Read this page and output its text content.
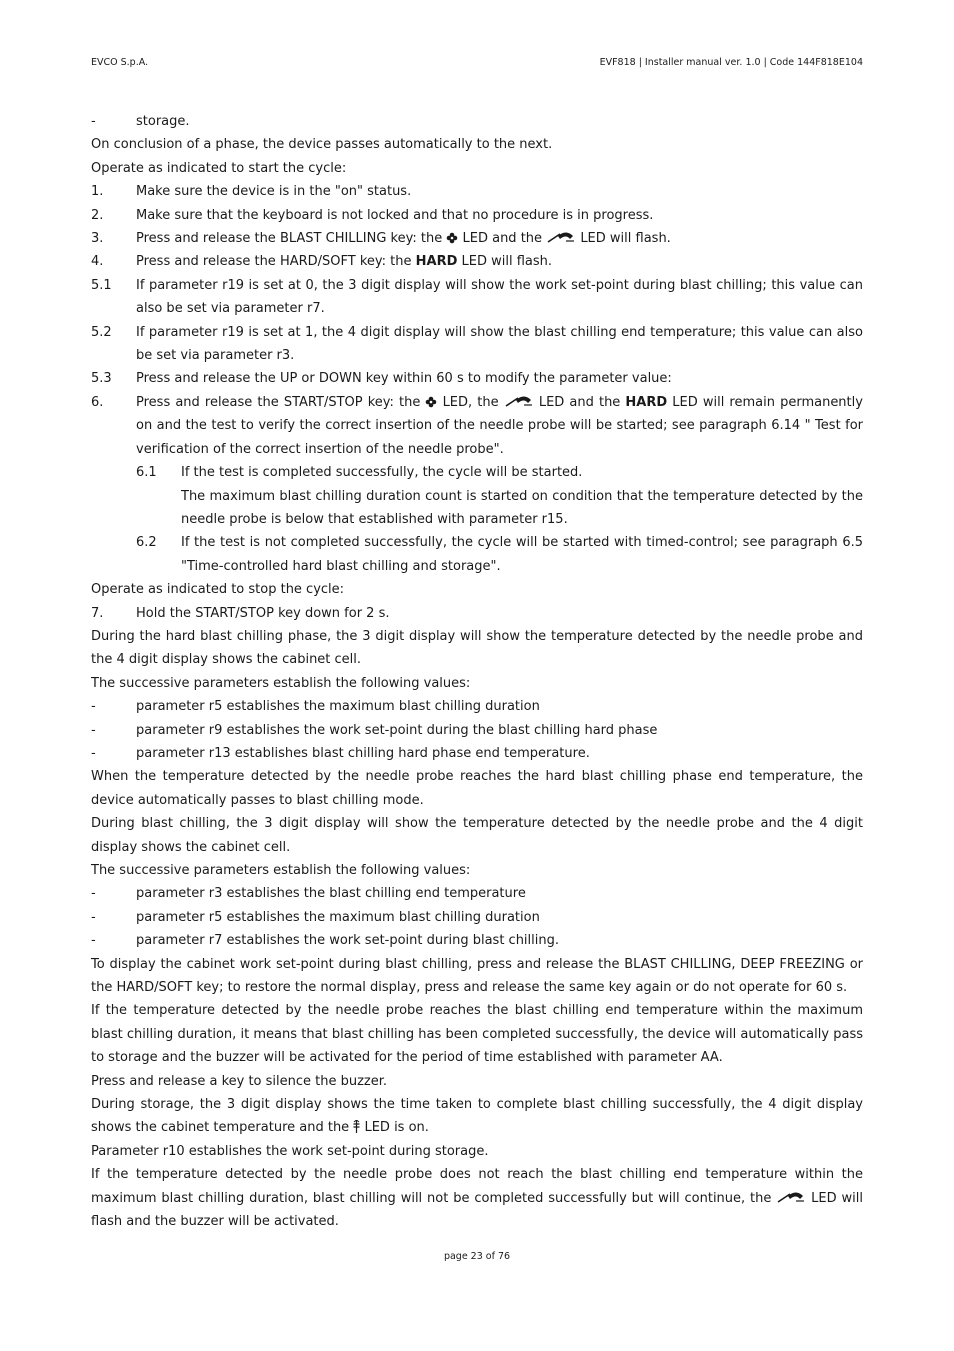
EVCO S.p.A.	EVF818 | Installer manual ver. 1.0 | Code 144F818E104
-	storage.

On conclusion of a phase, the device passes automatically to the next.

Operate as indicated to start the cycle:

1.	Make sure the device is in the "on" status.
2.	Make sure that the keyboard is not locked and that no procedure is in progress.
3.	Press and release the BLAST CHILLING key: the LED and the	LED will flash.
4.	Press and release the HARD/SOFT key: the HARD LED will flash.
5.1	If parameter r19 is set at 0, the 3 digit display will show the work set-point during blast chilling; this value can also be set via parameter r7.
5.2	If parameter r19 is set at 1, the 4 digit display will show the blast chilling end temperature; this value can also be set via parameter r3.
5.3	Press and release the UP or DOWN key within 60 s to modify the parameter value:
6.	Press and release the START/STOP key: the LED, the	LED and the HARD LED will remain permanently on and the test to verify the correct insertion of the needle probe will be started; see paragraph 6.14 " Test for verification of the correct insertion of the needle probe".
6.1	If the test is completed successfully, the cycle will be started.
The maximum blast chilling duration count is started on condition that the temperature detected by the needle probe is below that established with parameter r15.
6.2	If the test is not completed successfully, the cycle will be started with timed-control; see paragraph 6.5 "Time-controlled hard blast chilling and storage".

Operate as indicated to stop the cycle:

7.	Hold the START/STOP key down for 2 s.

During the hard blast chilling phase, the 3 digit display will show the temperature detected by the needle probe and the 4 digit display shows the cabinet cell.

The successive parameters establish the following values:

-	parameter r5 establishes the maximum blast chilling duration
-	parameter r9 establishes the work set-point during the blast chilling hard phase
-	parameter r13 establishes blast chilling hard phase end temperature.

When the temperature detected by the needle probe reaches the hard blast chilling phase end temperature, the device automatically passes to blast chilling mode.

During blast chilling, the 3 digit display will show the temperature detected by the needle probe and the 4 digit display shows the cabinet cell.

The successive parameters establish the following values:

-	parameter r3 establishes the blast chilling end temperature
-	parameter r5 establishes the maximum blast chilling duration
-	parameter r7 establishes the work set-point during blast chilling.

To display the cabinet work set-point during blast chilling, press and release the BLAST CHILLING, DEEP FREEZING or the HARD/SOFT key; to restore the normal display, press and release the same key again or do not operate for 60 s.

If the temperature detected by the needle probe reaches the blast chilling end temperature within the maximum blast chilling duration, it means that blast chilling has been completed successfully, the device will automatically pass to storage and the buzzer will be activated for the period of time established with parameter AA.

Press and release a key to silence the buzzer.

During storage, the 3 digit display shows the time taken to complete blast chilling successfully, the 4 digit display shows the cabinet temperature and the LED is on.

Parameter r10 establishes the work set-point during storage.

If the temperature detected by the needle probe does not reach the blast chilling end temperature within the maximum blast chilling duration, blast chilling will not be completed successfully but will continue, the	LED will flash and the buzzer will be activated.

page 23 of 76
